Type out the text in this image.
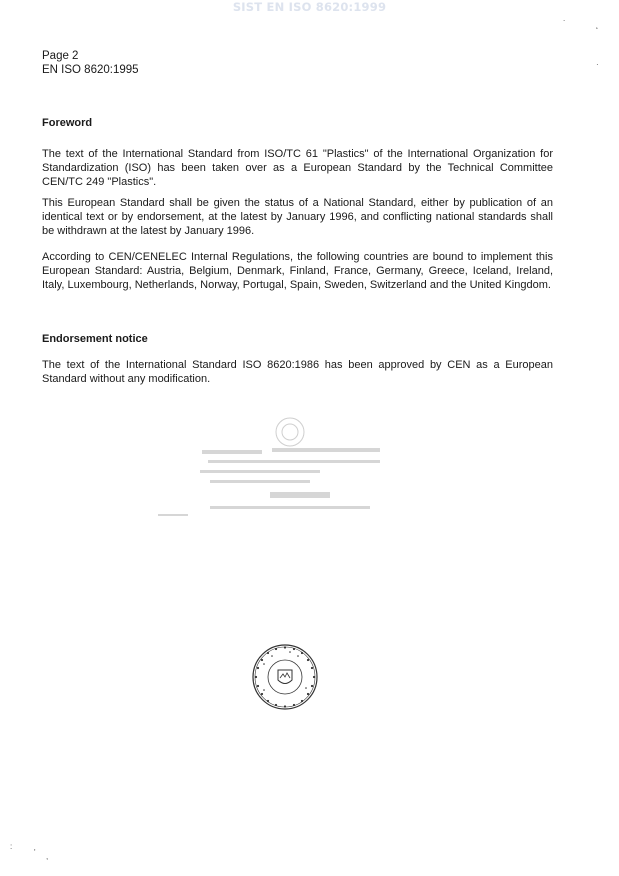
SIST EN ISO 8620:1999
Page 2
EN ISO 8620:1995
Foreword
The text of the International Standard from ISO/TC 61 "Plastics" of the International Organization for Standardization (ISO) has been taken over as a European Standard by the Technical Committee CEN/TC 249 "Plastics".
This European Standard shall be given the status of a National Standard, either by publication of an identical text or by endorsement, at the latest by January 1996, and conflicting national standards shall be withdrawn at the latest by January 1996.
According to CEN/CENELEC Internal Regulations, the following countries are bound to implement this European Standard: Austria, Belgium, Denmark, Finland, France, Germany, Greece, Iceland, Ireland, Italy, Luxembourg, Netherlands, Norway, Portugal, Spain, Sweden, Switzerland and the United Kingdom.
Endorsement notice
The text of the International Standard ISO 8620:1986 has been approved by CEN as a European Standard without any modification.
.
˛
·
:
' ,
